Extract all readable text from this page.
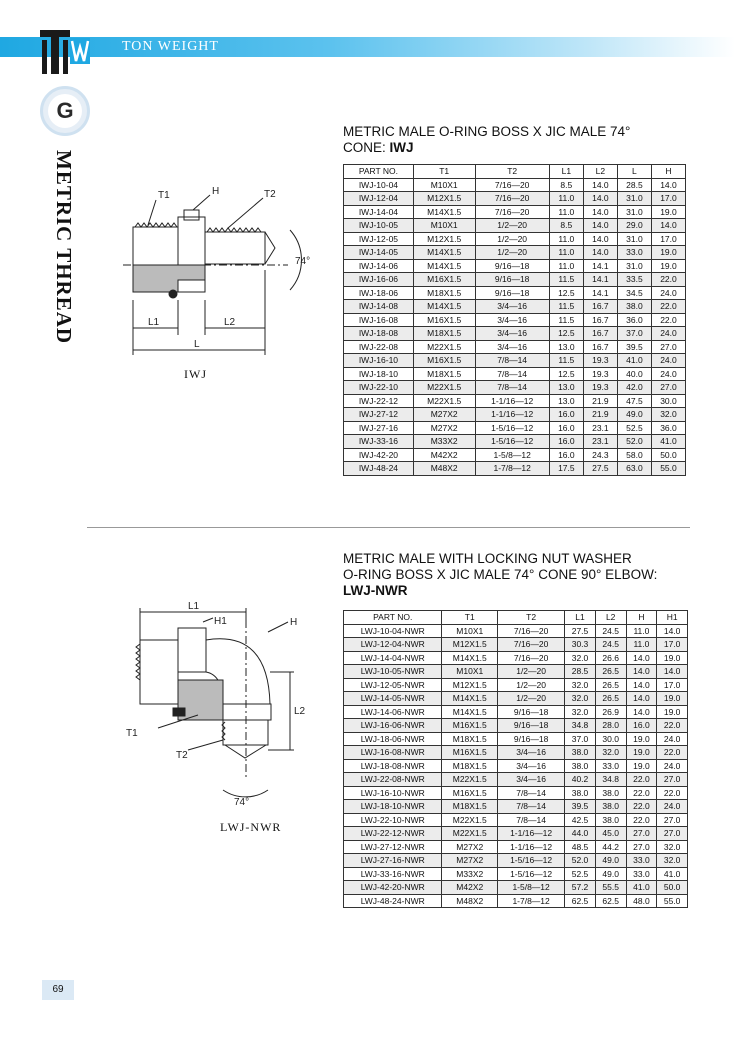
TON WEIGHT
G
METRIC THREAD
METRIC MALE O-RING BOSS X JIC MALE 74°
CONE: IWJ
T1	H	T2
74°
L1	L2
L
IWJ
PART NO.	T1	T2	L1	L2	L	H
IWJ-10-04	M10X1	7/16—20	8.5	14.0	28.5	14.0
IWJ-12-04	M12X1.5	7/16—20	11.0	14.0	31.0	17.0
IWJ-14-04	M14X1.5	7/16—20	11.0	14.0	31.0	19.0
IWJ-10-05	M10X1	1/2—20	8.5	14.0	29.0	14.0
IWJ-12-05	M12X1.5	1/2—20	11.0	14.0	31.0	17.0
IWJ-14-05	M14X1.5	1/2—20	11.0	14.0	33.0	19.0
IWJ-14-06	M14X1.5	9/16—18	11.0	14.1	31.0	19.0
IWJ-16-06	M16X1.5	9/16—18	11.5	14.1	33.5	22.0
IWJ-18-06	M18X1.5	9/16—18	12.5	14.1	34.5	24.0
IWJ-14-08	M14X1.5	3/4—16	11.5	16.7	38.0	22.0
IWJ-16-08	M16X1.5	3/4—16	11.5	16.7	36.0	22.0
IWJ-18-08	M18X1.5	3/4—16	12.5	16.7	37.0	24.0
IWJ-22-08	M22X1.5	3/4—16	13.0	16.7	39.5	27.0
IWJ-16-10	M16X1.5	7/8—14	11.5	19.3	41.0	24.0
IWJ-18-10	M18X1.5	7/8—14	12.5	19.3	40.0	24.0
IWJ-22-10	M22X1.5	7/8—14	13.0	19.3	42.0	27.0
IWJ-22-12	M22X1.5	1-1/16—12	13.0	21.9	47.5	30.0
IWJ-27-12	M27X2	1-1/16—12	16.0	21.9	49.0	32.0
IWJ-27-16	M27X2	1-5/16—12	16.0	23.1	52.5	36.0
IWJ-33-16	M33X2	1-5/16—12	16.0	23.1	52.0	41.0
IWJ-42-20	M42X2	1-5/8—12	16.0	24.3	58.0	50.0
IWJ-48-24	M48X2	1-7/8—12	17.5	27.5	63.0	55.0
METRIC MALE WITH LOCKING NUT WASHER
O-RING BOSS X JIC MALE 74° CONE 90° ELBOW:
LWJ-NWR
L1
H1	H
T1
T2
L2
74°
LWJ-NWR
PART NO.	T1	T2	L1	L2	H	H1
LWJ-10-04-NWR	M10X1	7/16—20	27.5	24.5	11.0	14.0
LWJ-12-04-NWR	M12X1.5	7/16—20	30.3	24.5	11.0	17.0
LWJ-14-04-NWR	M14X1.5	7/16—20	32.0	26.6	14.0	19.0
LWJ-10-05-NWR	M10X1	1/2—20	28.5	26.5	14.0	14.0
LWJ-12-05-NWR	M12X1.5	1/2—20	32.0	26.5	14.0	17.0
LWJ-14-05-NWR	M14X1.5	1/2—20	32.0	26.5	14.0	19.0
LWJ-14-06-NWR	M14X1.5	9/16—18	32.0	26.9	14.0	19.0
LWJ-16-06-NWR	M16X1.5	9/16—18	34.8	28.0	16.0	22.0
LWJ-18-06-NWR	M18X1.5	9/16—18	37.0	30.0	19.0	24.0
LWJ-16-08-NWR	M16X1.5	3/4—16	38.0	32.0	19.0	22.0
LWJ-18-08-NWR	M18X1.5	3/4—16	38.0	33.0	19.0	24.0
LWJ-22-08-NWR	M22X1.5	3/4—16	40.2	34.8	22.0	27.0
LWJ-16-10-NWR	M16X1.5	7/8—14	38.0	38.0	22.0	22.0
LWJ-18-10-NWR	M18X1.5	7/8—14	39.5	38.0	22.0	24.0
LWJ-22-10-NWR	M22X1.5	7/8—14	42.5	38.0	22.0	27.0
LWJ-22-12-NWR	M22X1.5	1-1/16—12	44.0	45.0	27.0	27.0
LWJ-27-12-NWR	M27X2	1-1/16—12	48.5	44.2	27.0	32.0
LWJ-27-16-NWR	M27X2	1-5/16—12	52.0	49.0	33.0	32.0
LWJ-33-16-NWR	M33X2	1-5/16—12	52.5	49.0	33.0	41.0
LWJ-42-20-NWR	M42X2	1-5/8—12	57.2	55.5	41.0	50.0
LWJ-48-24-NWR	M48X2	1-7/8—12	62.5	62.5	48.0	55.0
69
